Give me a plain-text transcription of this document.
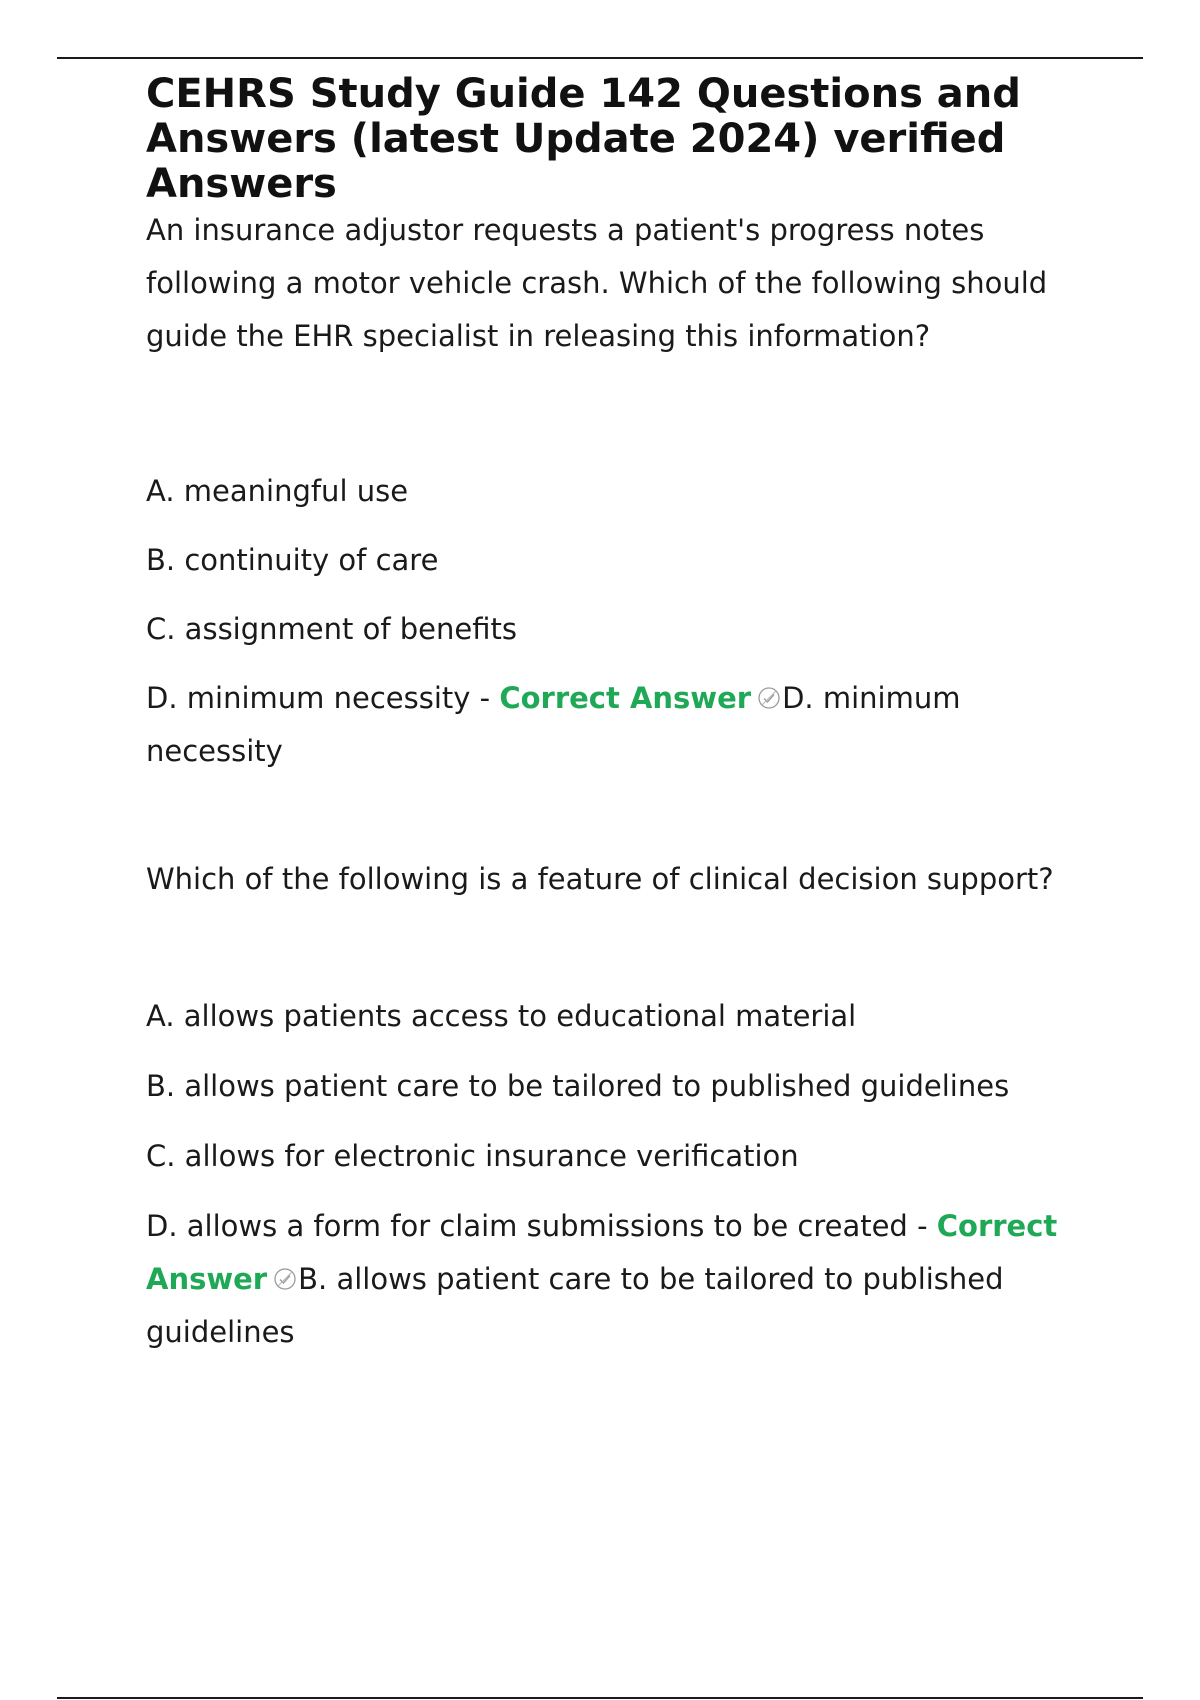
CEHRS Study Guide 142 Questions and Answers (latest Update 2024) verified Answers

An insurance adjustor requests a patient's progress notes following a motor vehicle crash. Which of the following should guide the EHR specialist in releasing this information?

A. meaningful use

B. continuity of care

C. assignment of benefits

D. minimum necessity - Correct Answer D. minimum necessity

Which of the following is a feature of clinical decision support?

A. allows patients access to educational material

B. allows patient care to be tailored to published guidelines

C. allows for electronic insurance verification

D. allows a form for claim submissions to be created - Correct Answer B. allows patient care to be tailored to published guidelines
